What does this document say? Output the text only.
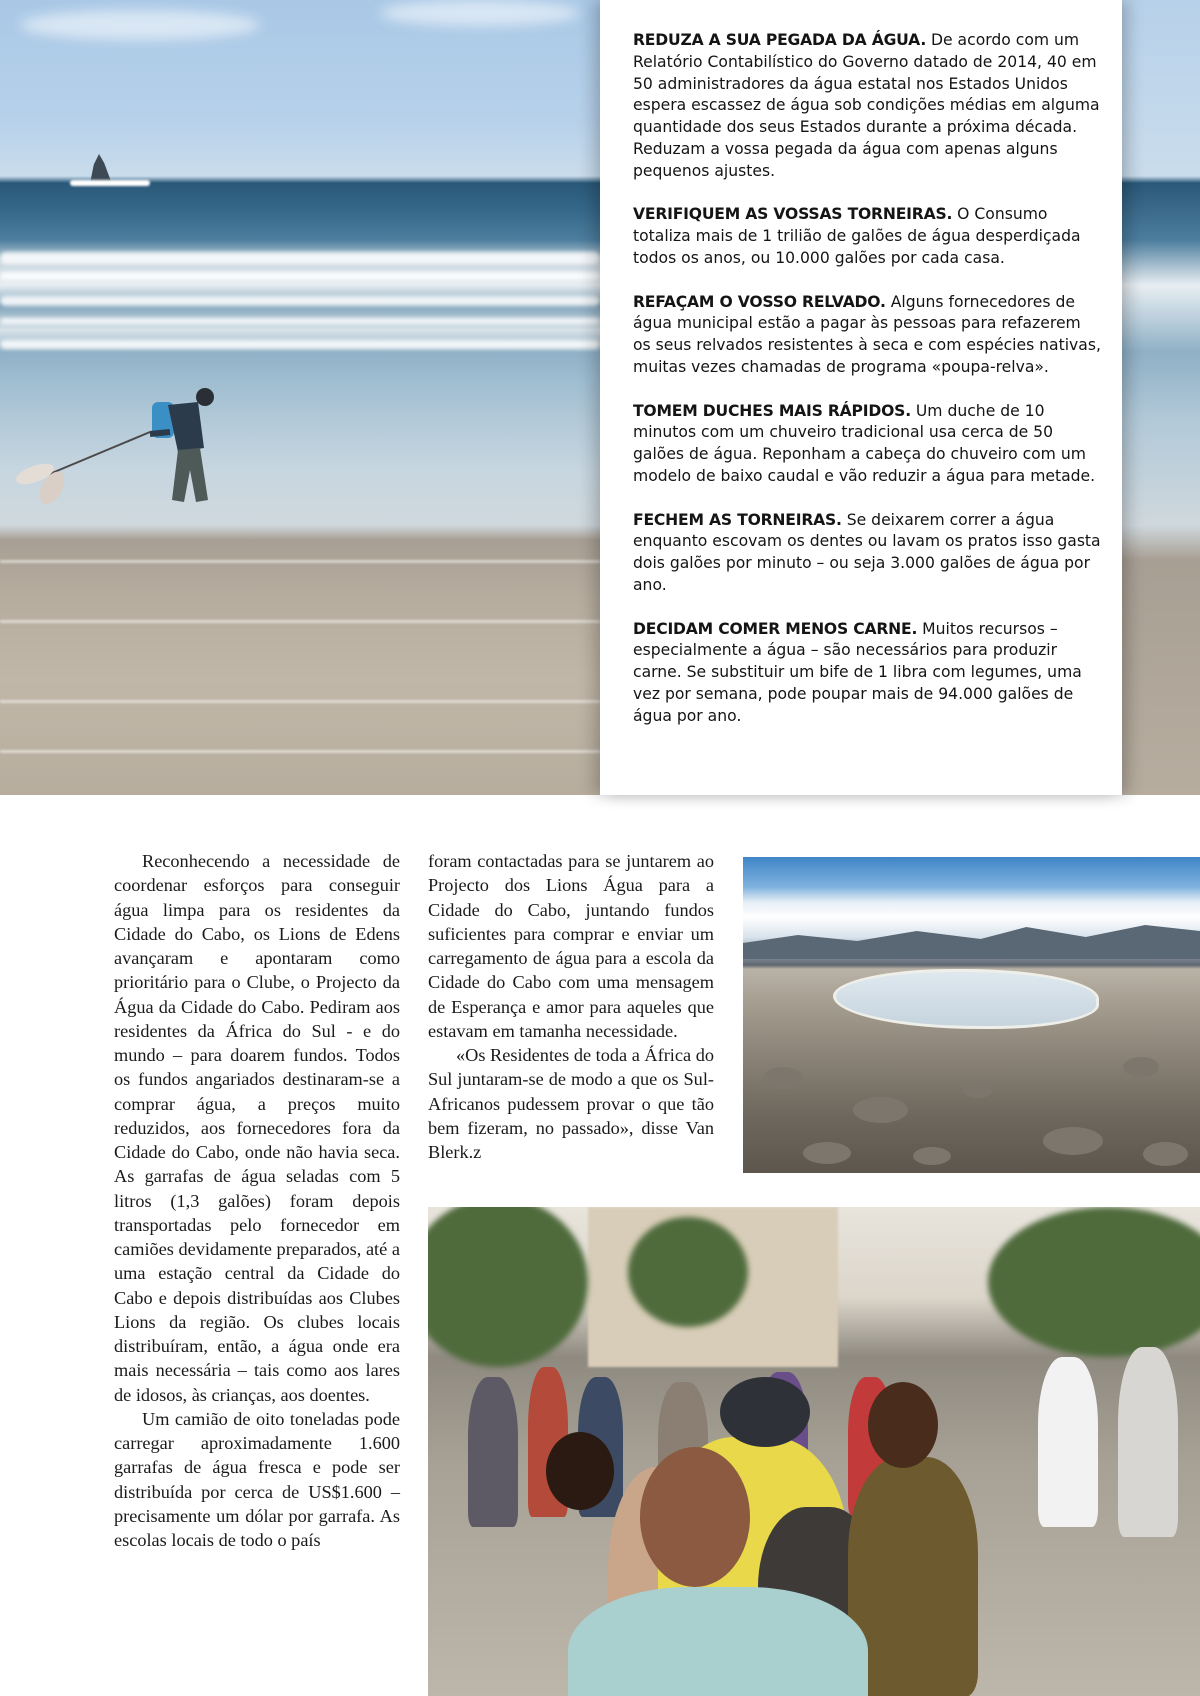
REDUZA A SUA PEGADA DA ÁGUA. De acordo com um Relatório Contabilístico do Governo datado de 2014, 40 em 50 administradores da água estatal nos Estados Unidos espera escassez de água sob condições médias em alguma quantidade dos seus Estados durante a próxima década. Reduzam a vossa pegada da água com apenas alguns pequenos ajustes.

VERIFIQUEM AS VOSSAS TORNEIRAS. O Consumo totaliza mais de 1 trilião de galões de água desperdiçada todos os anos, ou 10.000 galões por cada casa.

REFAÇAM O VOSSO RELVADO. Alguns fornecedores de água municipal estão a pagar às pessoas para refazerem os seus relvados resistentes à seca e com espécies nativas, muitas vezes chamadas de programa «poupa-relva».

TOMEM DUCHES MAIS RÁPIDOS. Um duche de 10 minutos com um chuveiro tradicional usa cerca de 50 galões de água. Reponham a cabeça do chuveiro com um modelo de baixo caudal e vão reduzir a água para metade.

FECHEM AS TORNEIRAS. Se deixarem correr a água enquanto escovam os dentes ou lavam os pratos isso gasta dois galões por minuto – ou seja 3.000 galões de água por ano.

DECIDAM COMER MENOS CARNE. Muitos recursos – especialmente a água – são necessários para produzir carne. Se substituir um bife de 1 libra com legumes, uma vez por semana, pode poupar mais de 94.000 galões de água por ano.

Reconhecendo a necessidade de coordenar esforços para conseguir água limpa para os residentes da Cidade do Cabo, os Lions de Edens avançaram e apontaram como prioritário para o Clube, o Projecto da Água da Cidade do Cabo. Pediram aos residentes da África do Sul - e do mundo – para doarem fundos. Todos os fundos angariados destinaram-se a comprar água, a preços muito reduzidos, aos fornecedores fora da Cidade do Cabo, onde não havia seca. As garrafas de água seladas com 5 litros (1,3 galões) foram depois transportadas pelo fornecedor em camiões devidamente preparados, até a uma estação central da Cidade do Cabo e depois distribuídas aos Clubes Lions da região. Os clubes locais distribuíram, então, a água onde era mais necessária – tais como aos lares de idosos, às crianças, aos doentes.

Um camião de oito toneladas pode carregar aproximadamente 1.600 garrafas de água fresca e pode ser distribuída por cerca de US$1.600 – precisamente um dólar por garrafa. As escolas locais de todo o país

foram contactadas para se juntarem ao Projecto dos Lions Água para a Cidade do Cabo, juntando fundos suficientes para comprar e enviar um carregamento de água para a escola da Cidade do Cabo com uma mensagem de Esperança e amor para aqueles que estavam em tamanha necessidade.

«Os Residentes de toda a África do Sul juntaram-se de modo a que os Sul-Africanos pudessem provar o que tão bem fizeram, no passado», disse Van Blerk.z
